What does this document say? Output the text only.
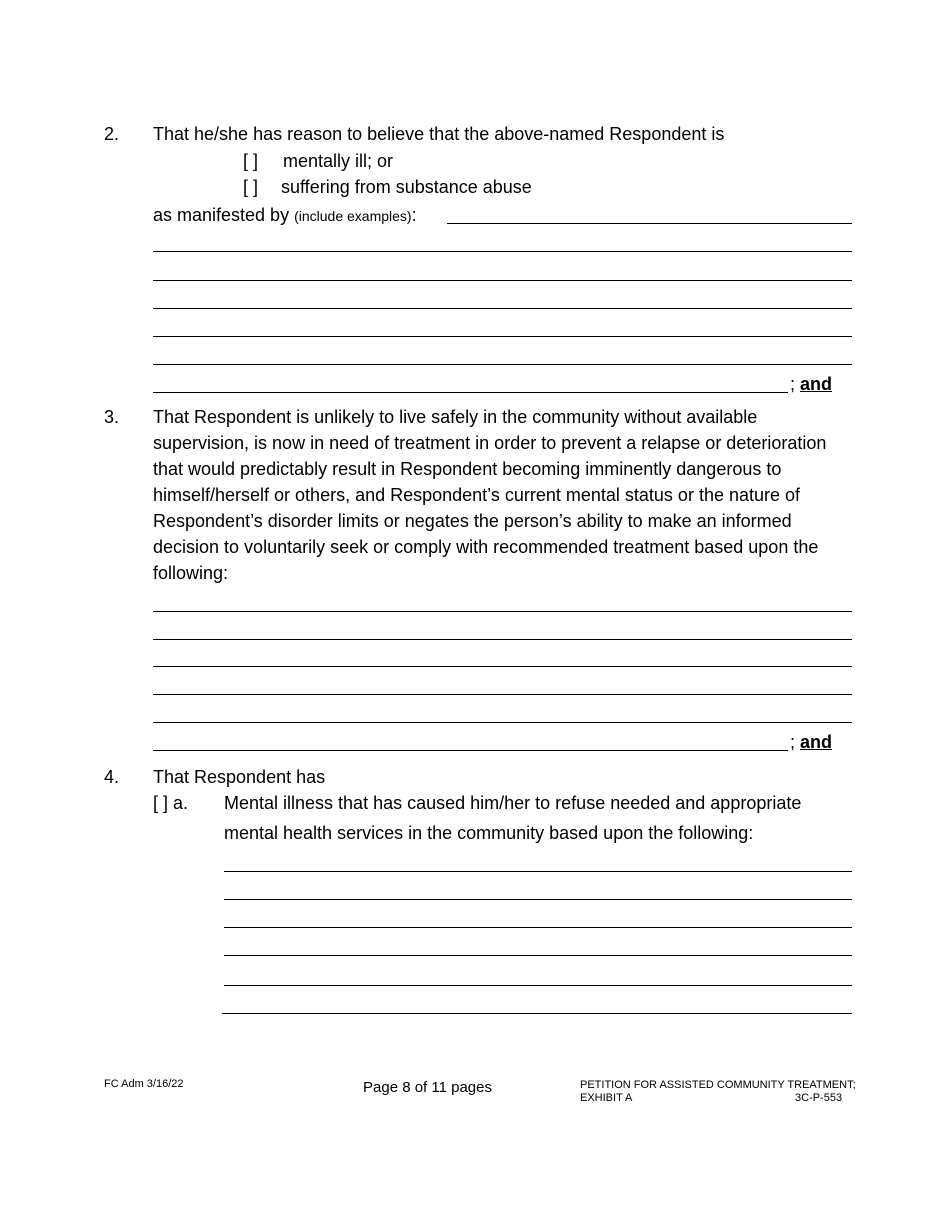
2. That he/she has reason to believe that the above-named Respondent is
[ ] mentally ill; or
[ ] suffering from substance abuse
as manifested by (include examples):
; and
3. That Respondent is unlikely to live safely in the community without available
supervision, is now in need of treatment in order to prevent a relapse or deterioration
that would predictably result in Respondent becoming imminently dangerous to
himself/herself or others, and Respondent’s current mental status or the nature of
Respondent’s disorder limits or negates the person’s ability to make an informed
decision to voluntarily seek or comply with recommended treatment based upon the
following:
; and
4. That Respondent has
[ ] a. Mental illness that has caused him/her to refuse needed and appropriate
mental health services in the community based upon the following:
FC Adm 3/16/22	Page 8 of 11 pages	PETITION FOR ASSISTED COMMUNITY TREATMENT;
EXHIBIT A	3C-P-553
